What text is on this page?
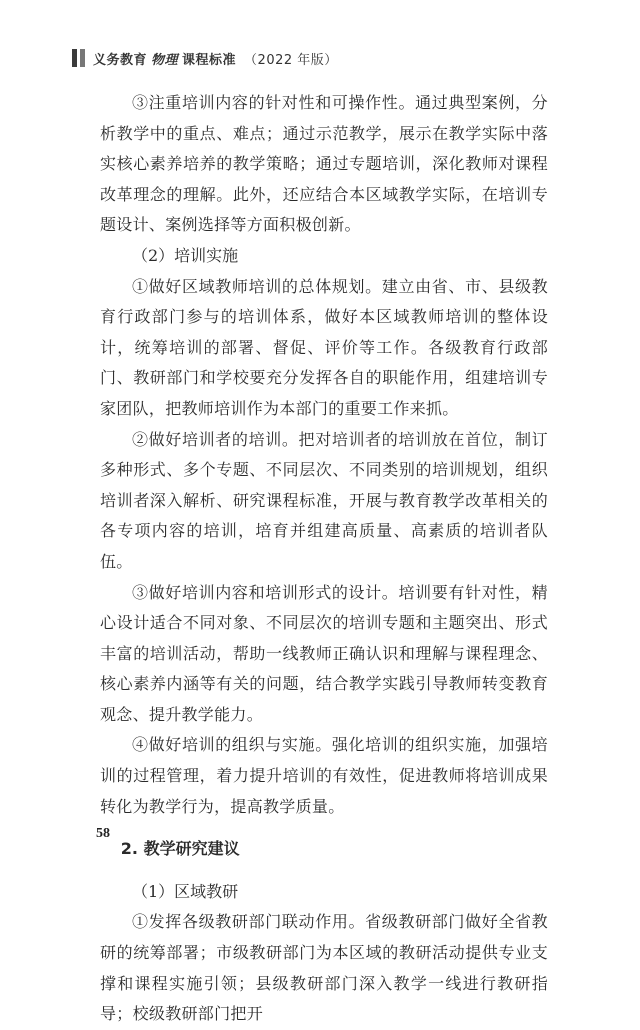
义务教育 物理 课程标准 （2022 年版）

③注重培训内容的针对性和可操作性。通过典型案例，分析教学中的重点、难点；通过示范教学，展示在教学实际中落实核心素养培养的教学策略；通过专题培训，深化教师对课程改革理念的理解。此外，还应结合本区域教学实际，在培训专题设计、案例选择等方面积极创新。

（2）培训实施

①做好区域教师培训的总体规划。建立由省、市、县级教育行政部门参与的培训体系，做好本区域教师培训的整体设计，统筹培训的部署、督促、评价等工作。各级教育行政部门、教研部门和学校要充分发挥各自的职能作用，组建培训专家团队，把教师培训作为本部门的重要工作来抓。

②做好培训者的培训。把对培训者的培训放在首位，制订多种形式、多个专题、不同层次、不同类别的培训规划，组织培训者深入解析、研究课程标准，开展与教育教学改革相关的各专项内容的培训，培育并组建高质量、高素质的培训者队伍。

③做好培训内容和培训形式的设计。培训要有针对性，精心设计适合不同对象、不同层次的培训专题和主题突出、形式丰富的培训活动，帮助一线教师正确认识和理解与课程理念、核心素养内涵等有关的问题，结合教学实践引导教师转变教育观念、提升教学能力。

④做好培训的组织与实施。强化培训的组织实施，加强培训的过程管理，着力提升培训的有效性，促进教师将培训成果转化为教学行为，提高教学质量。

2. 教学研究建议

（1）区域教研

①发挥各级教研部门联动作用。省级教研部门做好全省教研的统筹部署；市级教研部门为本区域的教研活动提供专业支撑和课程实施引领；县级教研部门深入教学一线进行教研指导；校级教研部门把开

58
